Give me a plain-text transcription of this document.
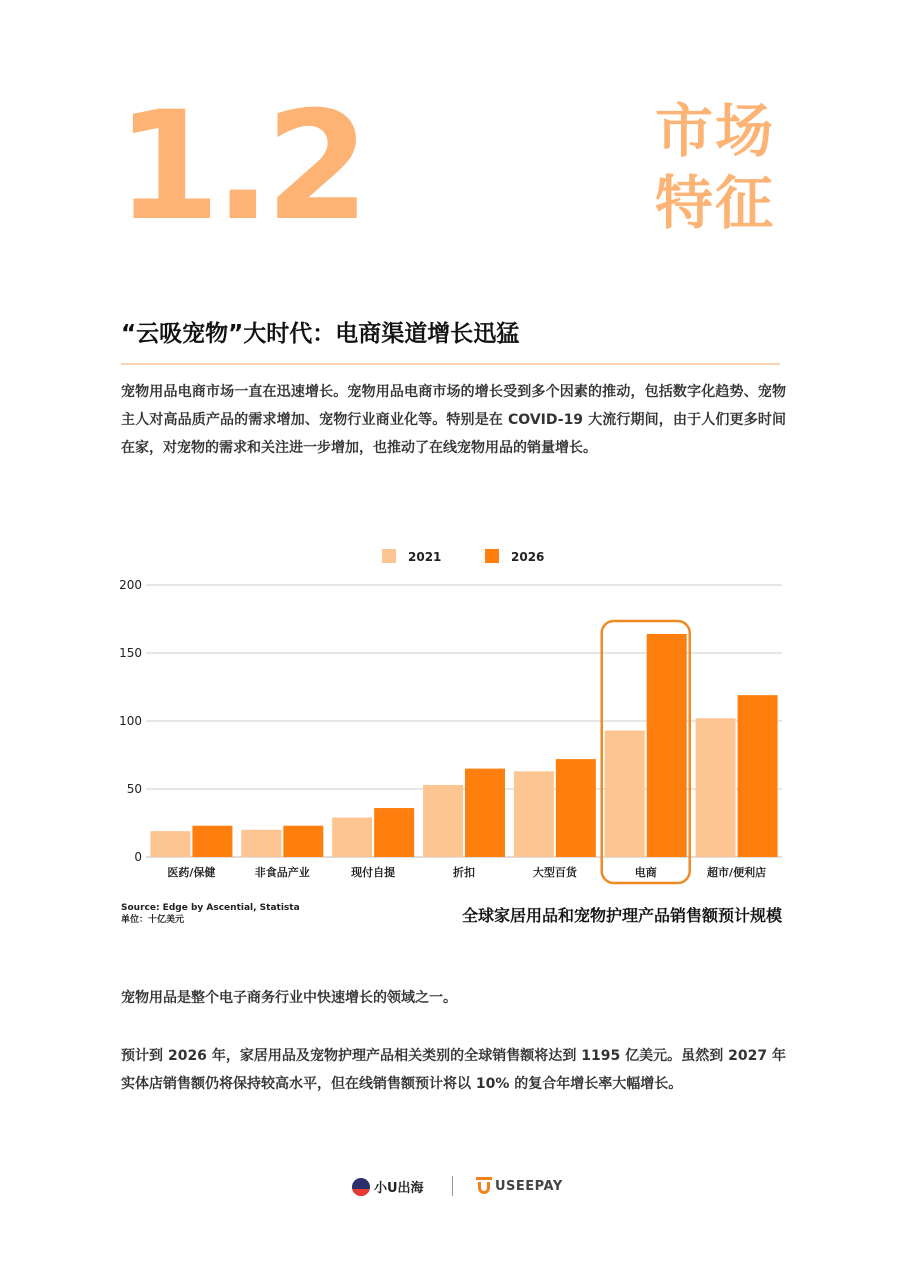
1.2	市场
特征
“云吸宠物”大时代：电商渠道增长迅猛
宠物用品电商市场一直在迅速增长。宠物用品电商市场的增长受到多个因素的推动，包括数字化趋势、宠物主人对高品质产品的需求增加、宠物行业商业化等。特别是在 COVID-19 大流行期间，由于人们更多时间在家，对宠物的需求和关注进一步增加，也推动了在线宠物用品的销量增长。
0
50
100
150
200
医药/保健	非食品产业	现付自提	折扣	大型百货	电商	超市/便利店
2021	2026
Source: Edge by Ascential, Statista
单位：十亿美元	全球家居用品和宠物护理产品销售额预计规模
宠物用品是整个电子商务行业中快速增长的领域之一。
预计到 2026 年，家居用品及宠物护理产品相关类别的全球销售额将达到 1195 亿美元。虽然到 2027 年实体店销售额仍将保持较高水平，但在线销售额预计将以 10% 的复合年增长率大幅增长。
小U出海	USEEPAY
